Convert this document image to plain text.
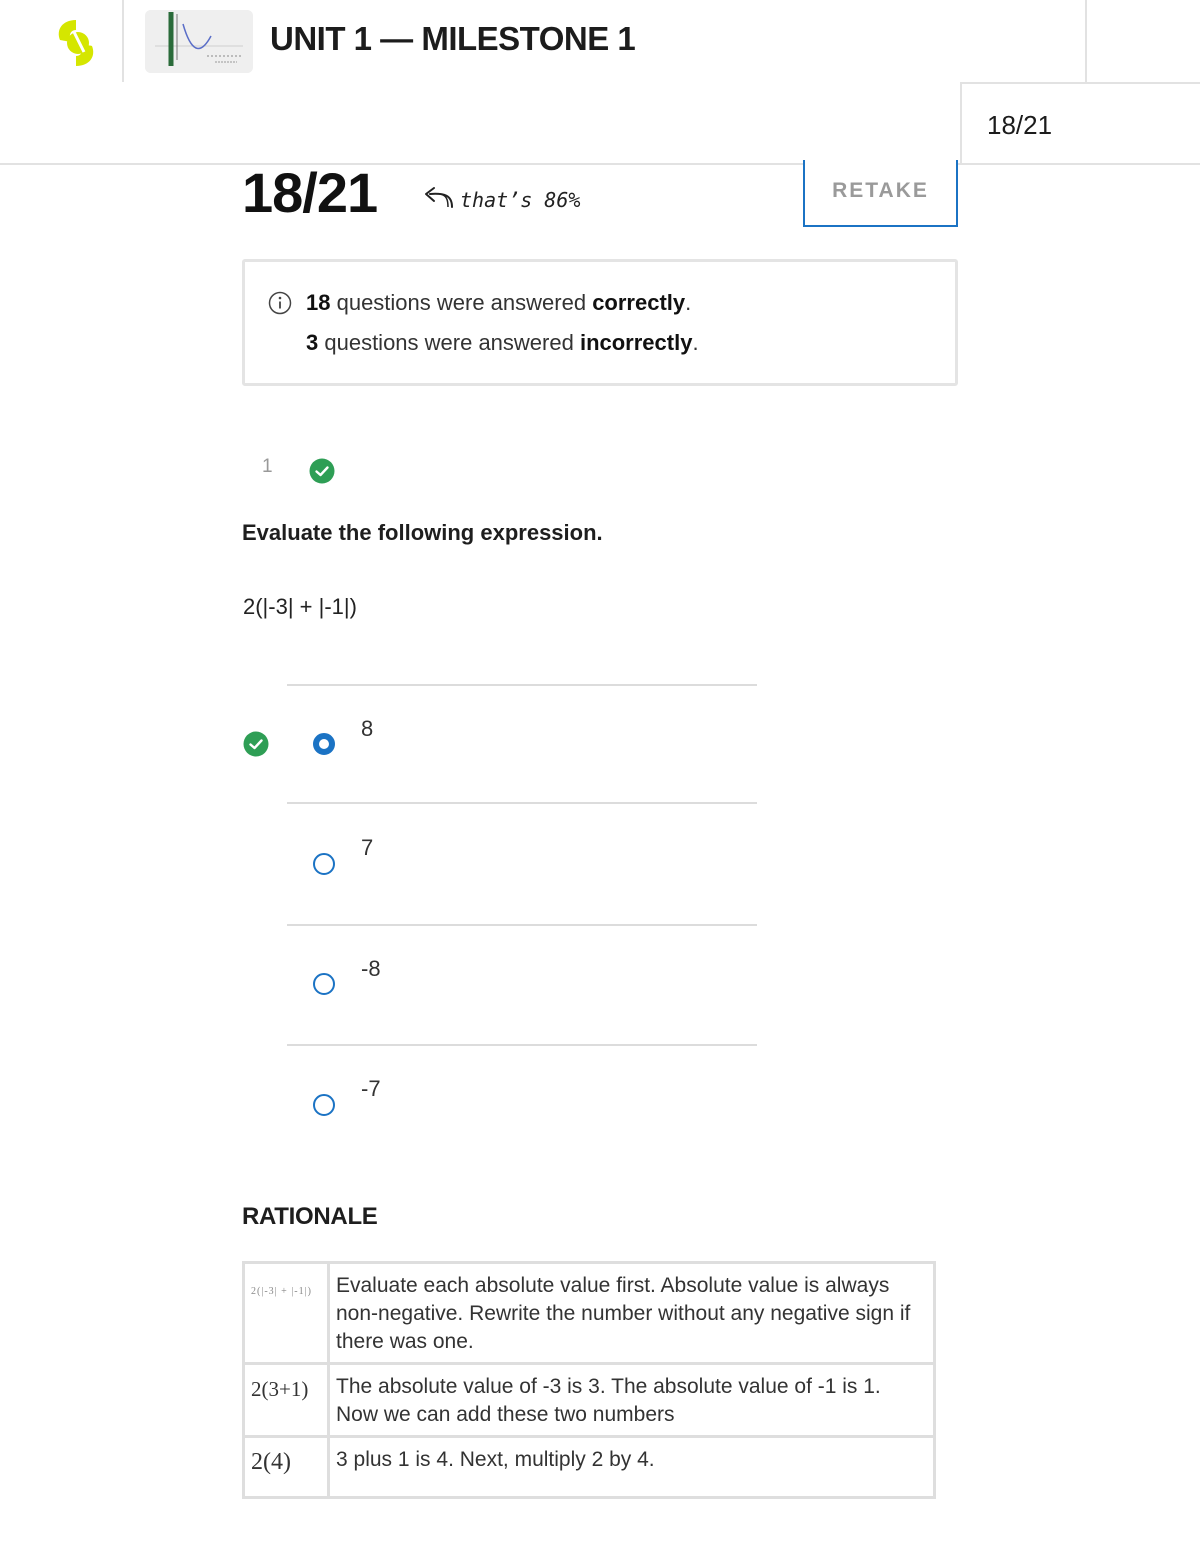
UNIT 1 — MILESTONE 1
18/21
18/21	that’s 86%	RETAKE
18 questions were answered correctly.
3 questions were answered incorrectly.
1
Evaluate the following expression.
2(|-3| + |-1|)
8
7
-8
-7
RATIONALE
2(|-3| + |-1|)	Evaluate each absolute value first. Absolute value is always non-negative. Rewrite the number without any negative sign if there was one.
2(3+1)	The absolute value of -3 is 3. The absolute value of -1 is 1. Now we can add these two numbers
2(4)	3 plus 1 is 4. Next, multiply 2 by 4.
